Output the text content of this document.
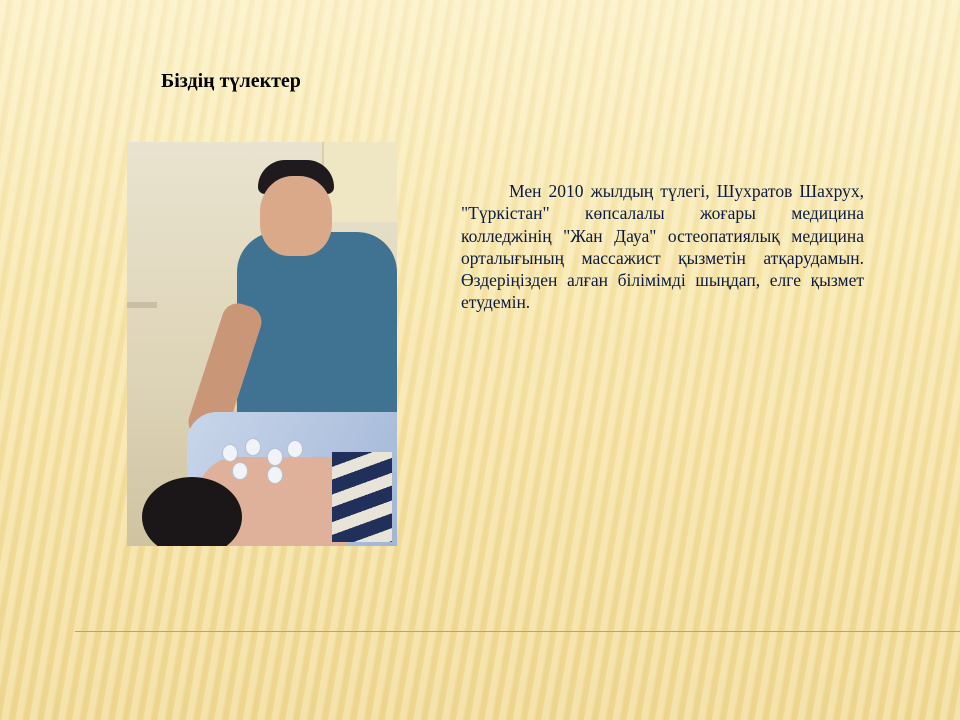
Біздің түлектер

Мен 2010 жылдың түлегі, Шухратов Шахрух, "Түркістан" көпсалалы жоғары медицина колледжінің "Жан Дауа" остеопатиялық медицина орталығының массажист қызметін атқарудамын. Өздеріңізден алған білімімді шыңдап, елге қызмет етудемін.
